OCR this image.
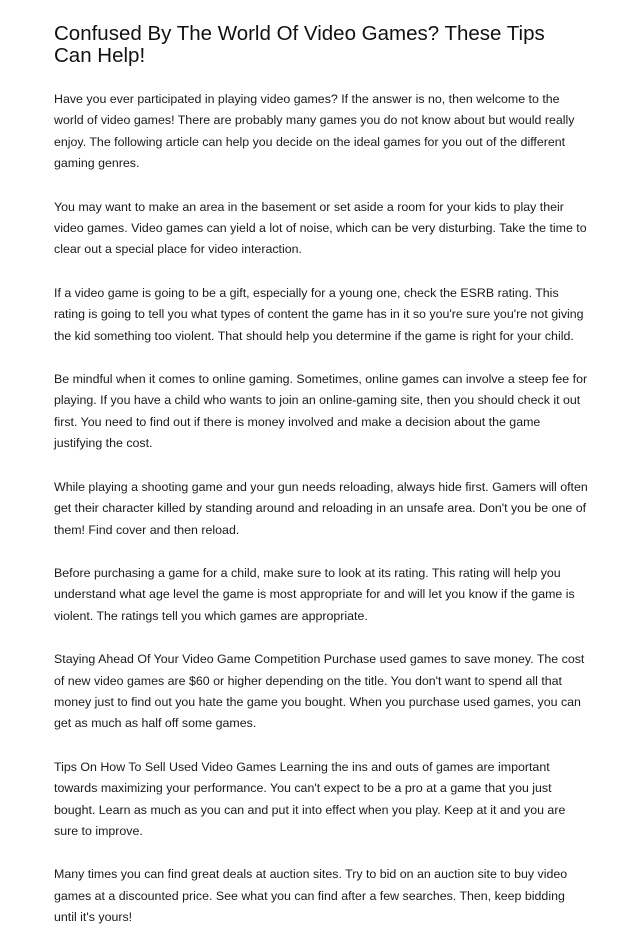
Confused By The World Of Video Games? These Tips Can Help!

Have you ever participated in playing video games? If the answer is no, then welcome to the world of video games! There are probably many games you do not know about but would really enjoy. The following article can help you decide on the ideal games for you out of the different gaming genres.

You may want to make an area in the basement or set aside a room for your kids to play their video games. Video games can yield a lot of noise, which can be very disturbing. Take the time to clear out a special place for video interaction.

If a video game is going to be a gift, especially for a young one, check the ESRB rating. This rating is going to tell you what types of content the game has in it so you're sure you're not giving the kid something too violent. That should help you determine if the game is right for your child.

Be mindful when it comes to online gaming. Sometimes, online games can involve a steep fee for playing. If you have a child who wants to join an online-gaming site, then you should check it out first. You need to find out if there is money involved and make a decision about the game justifying the cost.

While playing a shooting game and your gun needs reloading, always hide first. Gamers will often get their character killed by standing around and reloading in an unsafe area. Don't you be one of them! Find cover and then reload.

Before purchasing a game for a child, make sure to look at its rating. This rating will help you understand what age level the game is most appropriate for and will let you know if the game is violent. The ratings tell you which games are appropriate.

Staying Ahead Of Your Video Game Competition Purchase used games to save money. The cost of new video games are $60 or higher depending on the title. You don't want to spend all that money just to find out you hate the game you bought. When you purchase used games, you can get as much as half off some games.

Tips On How To Sell Used Video Games Learning the ins and outs of games are important towards maximizing your performance. You can't expect to be a pro at a game that you just bought. Learn as much as you can and put it into effect when you play. Keep at it and you are sure to improve.

Many times you can find great deals at auction sites. Try to bid on an auction site to buy video games at a discounted price. See what you can find after a few searches. Then, keep bidding until it's yours!
